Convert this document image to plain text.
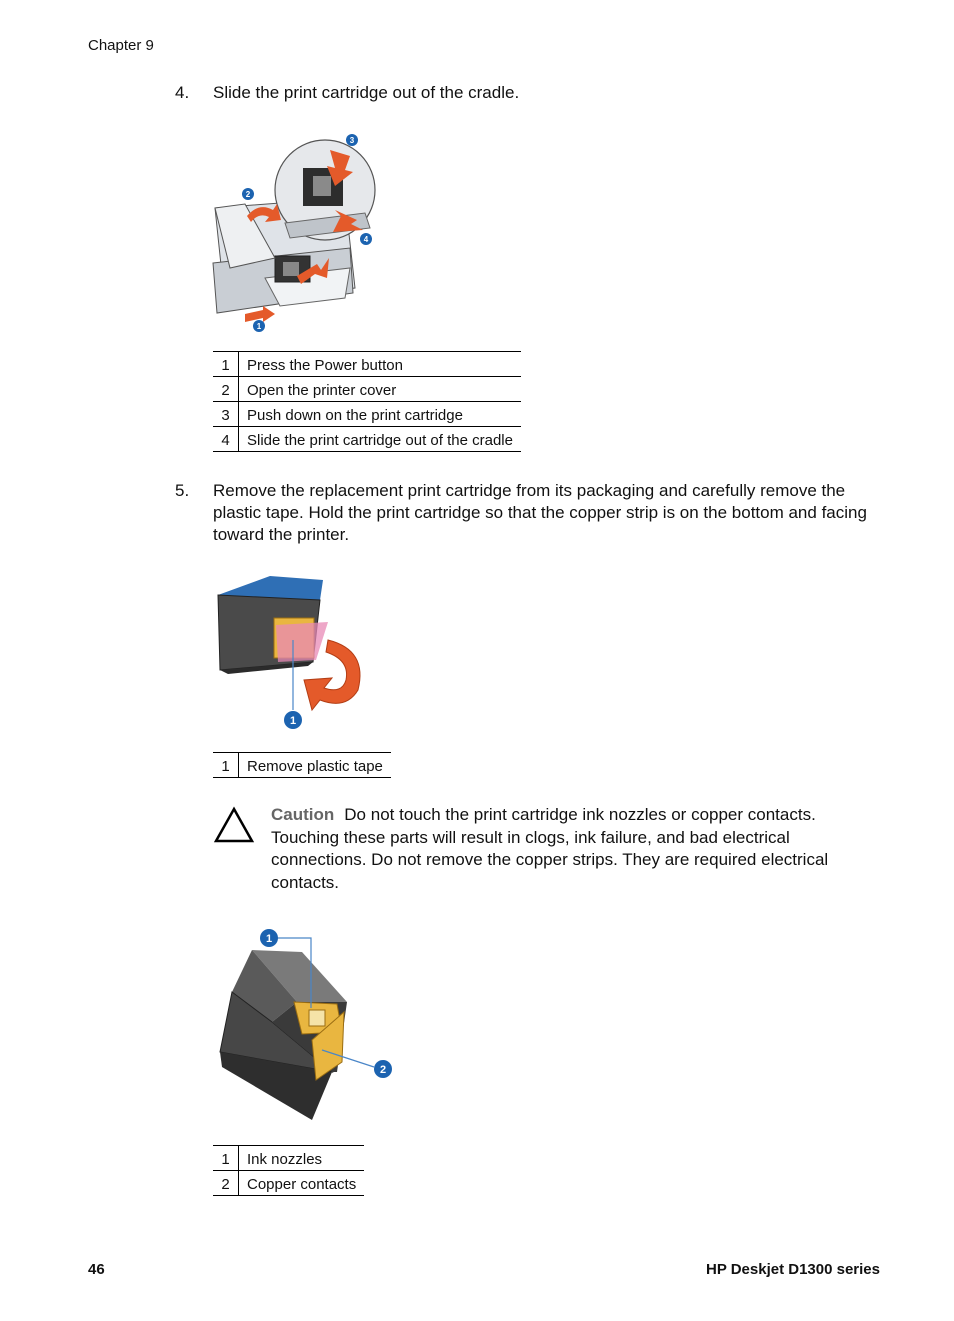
Chapter 9
4. Slide the print cartridge out of the cradle.
1
2
3
4
1	Press the Power button
2	Open the printer cover
3	Push down on the print cartridge
4	Slide the print cartridge out of the cradle
5. Remove the replacement print cartridge from its packaging and carefully remove the plastic tape. Hold the print cartridge so that the copper strip is on the bottom and facing toward the printer.
1
1	Remove plastic tape
Caution Do not touch the print cartridge ink nozzles or copper contacts. Touching these parts will result in clogs, ink failure, and bad electrical connections. Do not remove the copper strips. They are required electrical contacts.
1
2
1	Ink nozzles
2	Copper contacts
46	HP Deskjet D1300 series
